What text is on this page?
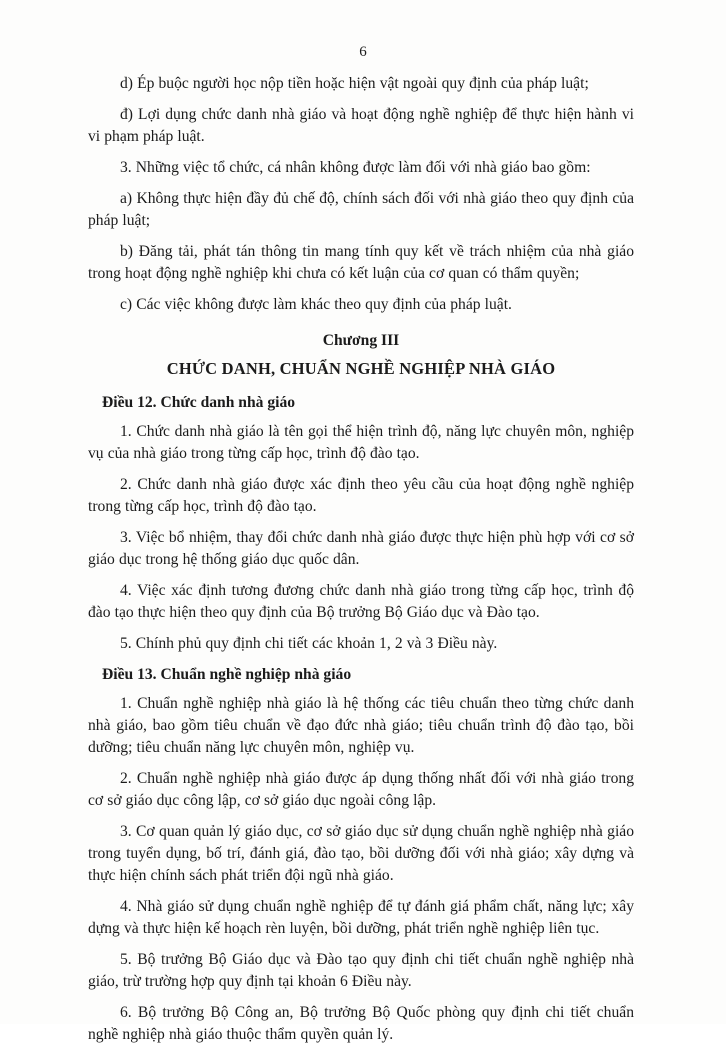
6

d) Ép buộc người học nộp tiền hoặc hiện vật ngoài quy định của pháp luật;

đ) Lợi dụng chức danh nhà giáo và hoạt động nghề nghiệp để thực hiện hành vi vi phạm pháp luật.

3. Những việc tổ chức, cá nhân không được làm đối với nhà giáo bao gồm:

a) Không thực hiện đầy đủ chế độ, chính sách đối với nhà giáo theo quy định của pháp luật;

b) Đăng tải, phát tán thông tin mang tính quy kết về trách nhiệm của nhà giáo trong hoạt động nghề nghiệp khi chưa có kết luận của cơ quan có thẩm quyền;

c) Các việc không được làm khác theo quy định của pháp luật.

Chương III
CHỨC DANH, CHUẨN NGHỀ NGHIỆP NHÀ GIÁO

Điều 12. Chức danh nhà giáo

1. Chức danh nhà giáo là tên gọi thể hiện trình độ, năng lực chuyên môn, nghiệp vụ của nhà giáo trong từng cấp học, trình độ đào tạo.

2. Chức danh nhà giáo được xác định theo yêu cầu của hoạt động nghề nghiệp trong từng cấp học, trình độ đào tạo.

3. Việc bổ nhiệm, thay đổi chức danh nhà giáo được thực hiện phù hợp với cơ sở giáo dục trong hệ thống giáo dục quốc dân.

4. Việc xác định tương đương chức danh nhà giáo trong từng cấp học, trình độ đào tạo thực hiện theo quy định của Bộ trưởng Bộ Giáo dục và Đào tạo.

5. Chính phủ quy định chi tiết các khoản 1, 2 và 3 Điều này.

Điều 13. Chuẩn nghề nghiệp nhà giáo

1. Chuẩn nghề nghiệp nhà giáo là hệ thống các tiêu chuẩn theo từng chức danh nhà giáo, bao gồm tiêu chuẩn về đạo đức nhà giáo; tiêu chuẩn trình độ đào tạo, bồi dưỡng; tiêu chuẩn năng lực chuyên môn, nghiệp vụ.

2. Chuẩn nghề nghiệp nhà giáo được áp dụng thống nhất đối với nhà giáo trong cơ sở giáo dục công lập, cơ sở giáo dục ngoài công lập.

3. Cơ quan quản lý giáo dục, cơ sở giáo dục sử dụng chuẩn nghề nghiệp nhà giáo trong tuyển dụng, bố trí, đánh giá, đào tạo, bồi dưỡng đối với nhà giáo; xây dựng và thực hiện chính sách phát triển đội ngũ nhà giáo.

4. Nhà giáo sử dụng chuẩn nghề nghiệp để tự đánh giá phẩm chất, năng lực; xây dựng và thực hiện kế hoạch rèn luyện, bồi dưỡng, phát triển nghề nghiệp liên tục.

5. Bộ trưởng Bộ Giáo dục và Đào tạo quy định chi tiết chuẩn nghề nghiệp nhà giáo, trừ trường hợp quy định tại khoản 6 Điều này.

6. Bộ trưởng Bộ Công an, Bộ trưởng Bộ Quốc phòng quy định chi tiết chuẩn nghề nghiệp nhà giáo thuộc thẩm quyền quản lý.
